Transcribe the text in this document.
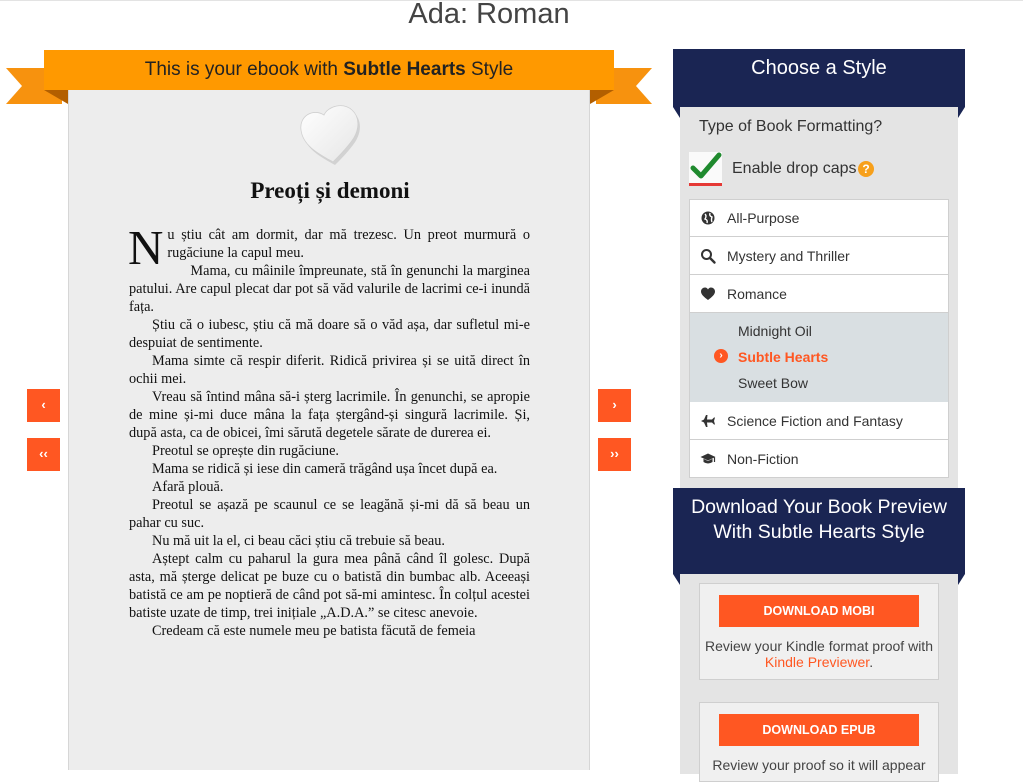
Ada: Roman
Preoți și demoni

Nu știu cât am dormit, dar mă trezesc. Un preot murmură o rugăciune la capul meu.

Mama, cu mâinile împreunate, stă în genunchi la marginea patului. Are capul plecat dar pot să văd valurile de lacrimi ce-i inundă fața.

Știu că o iubesc, știu că mă doare să o văd așa, dar sufletul mi-e despuiat de sentimente.

Mama simte că respir diferit. Ridică privirea și se uită direct în ochii mei.

Vreau să întind mâna să-i șterg lacrimile. În genunchi, se apropie de mine și-mi duce mâna la fața ștergând-și singură lacrimile. Și, după asta, ca de obicei, îmi sărută degetele sărate de durerea ei.

Preotul se oprește din rugăciune.

Mama se ridică și iese din cameră trăgând ușa încet după ea.

Afară plouă.

Preotul se așază pe scaunul ce se leagănă și-mi dă să beau un pahar cu suc.

Nu mă uit la el, ci beau căci știu că trebuie să beau.

Aștept calm cu paharul la gura mea până când îl golesc. După asta, mă șterge delicat pe buze cu o batistă din bumbac alb. Aceeași batistă ce am pe noptieră de când pot să-mi amintesc. În colțul acestei batiste uzate de timp, trei inițiale „A.D.A.” se citesc anevoie.

Credeam că este numele meu pe batista făcută de femeia

This is your ebook with Subtle Hearts Style
‹
‹‹
›
››
Choose a Style
Type of Book Formatting?
Enable drop caps ?
All-Purpose
Mystery and Thriller
Romance
Midnight Oil
›	Subtle Hearts
Sweet Bow
Science Fiction and Fantasy
Non-Fiction
Download Your Book Preview
With Subtle Hearts Style
DOWNLOAD MOBI
Review your Kindle format proof with Kindle Previewer.
DOWNLOAD EPUB
Review your proof so it will appear
